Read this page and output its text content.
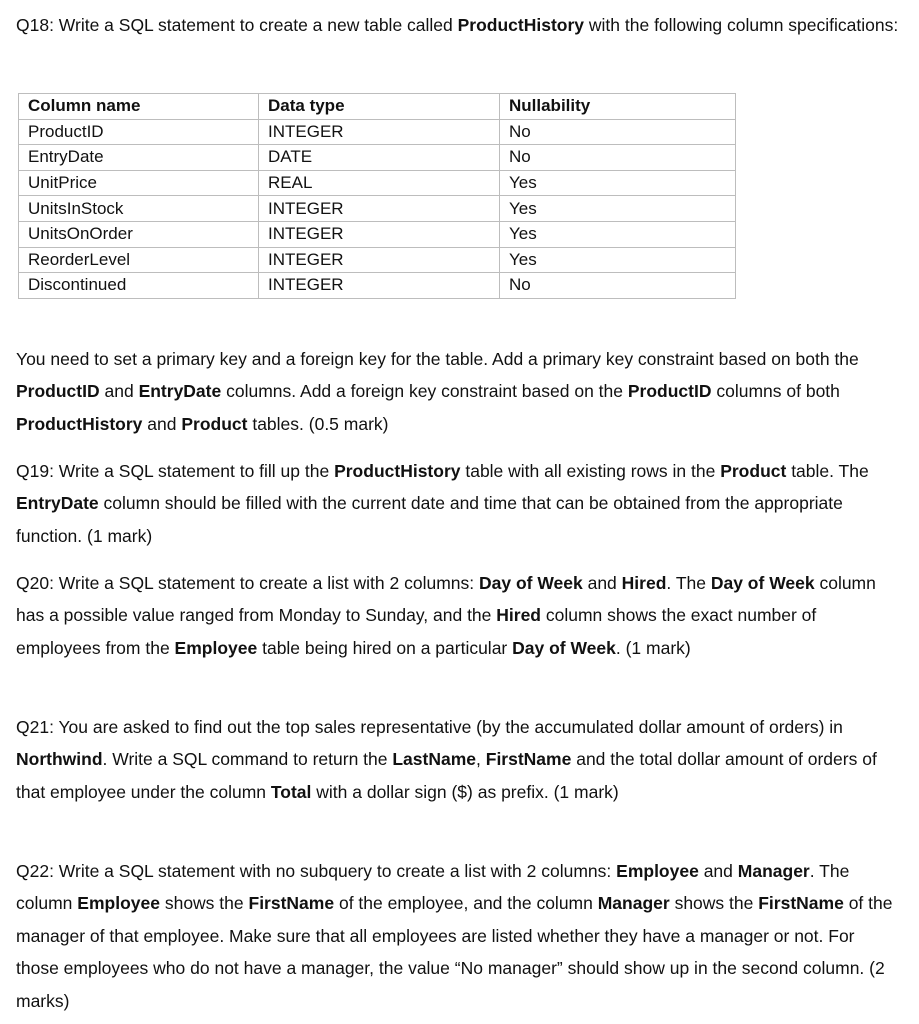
Q18: Write a SQL statement to create a new table called ProductHistory with the following column specifications:

Column name	Data type	Nullability
ProductID	INTEGER	No
EntryDate	DATE	No
UnitPrice	REAL	Yes
UnitsInStock	INTEGER	Yes
UnitsOnOrder	INTEGER	Yes
ReorderLevel	INTEGER	Yes
Discontinued	INTEGER	No

You need to set a primary key and a foreign key for the table. Add a primary key constraint based on both the ProductID and EntryDate columns. Add a foreign key constraint based on the ProductID columns of both ProductHistory and Product tables. (0.5 mark)

Q19: Write a SQL statement to fill up the ProductHistory table with all existing rows in the Product table. The EntryDate column should be filled with the current date and time that can be obtained from the appropriate function. (1 mark)

Q20: Write a SQL statement to create a list with 2 columns: Day of Week and Hired. The Day of Week column has a possible value ranged from Monday to Sunday, and the Hired column shows the exact number of employees from the Employee table being hired on a particular Day of Week. (1 mark)

Q21: You are asked to find out the top sales representative (by the accumulated dollar amount of orders) in Northwind. Write a SQL command to return the LastName, FirstName and the total dollar amount of orders of that employee under the column Total with a dollar sign ($) as prefix. (1 mark)

Q22: Write a SQL statement with no subquery to create a list with 2 columns: Employee and Manager. The column Employee shows the FirstName of the employee, and the column Manager shows the FirstName of the manager of that employee. Make sure that all employees are listed whether they have a manager or not. For those employees who do not have a manager, the value “No manager” should show up in the second column. (2 marks)
